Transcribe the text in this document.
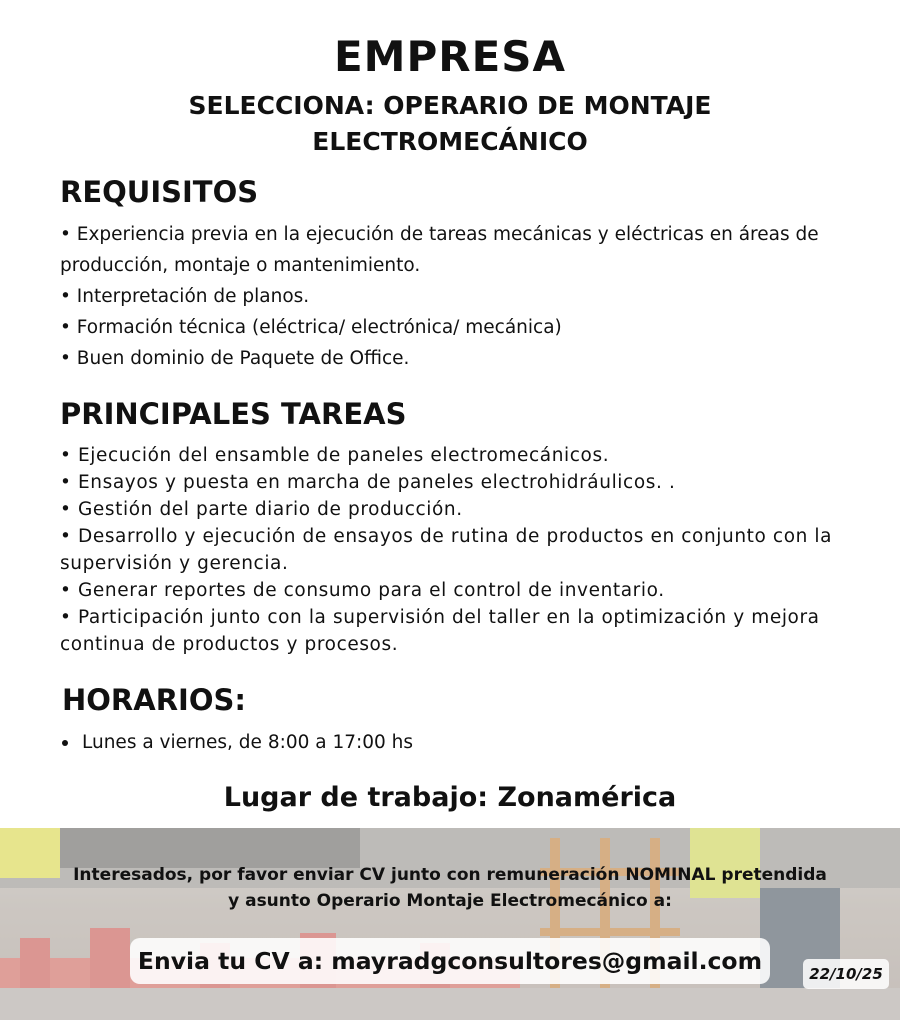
EMPRESA
SELECCIONA: OPERARIO DE MONTAJE
ELECTROMECÁNICO
REQUISITOS
• Experiencia previa en la ejecución de tareas mecánicas y eléctricas en áreas de producción, montaje o mantenimiento.
• Interpretación de planos.
• Formación técnica (eléctrica/ electrónica/ mecánica)
• Buen dominio de Paquete de Office.
PRINCIPALES TAREAS
• Ejecución del ensamble de paneles electromecánicos.
• Ensayos y puesta en marcha de paneles electrohidráulicos. .
• Gestión del parte diario de producción.
• Desarrollo y ejecución de ensayos de rutina de productos en conjunto con la supervisión y gerencia.
• Generar reportes de consumo para el control de inventario.
• Participación junto con la supervisión del taller en la optimización y mejora continua de productos y procesos.
HORARIOS:
Lunes a viernes, de 8:00 a 17:00 hs
Lugar de trabajo: Zonamérica
Interesados, por favor enviar CV junto con remuneración NOMINAL pretendida
y asunto Operario Montaje Electromecánico a:
Envia tu CV a: mayradgconsultores@gmail.com	22/10/25
